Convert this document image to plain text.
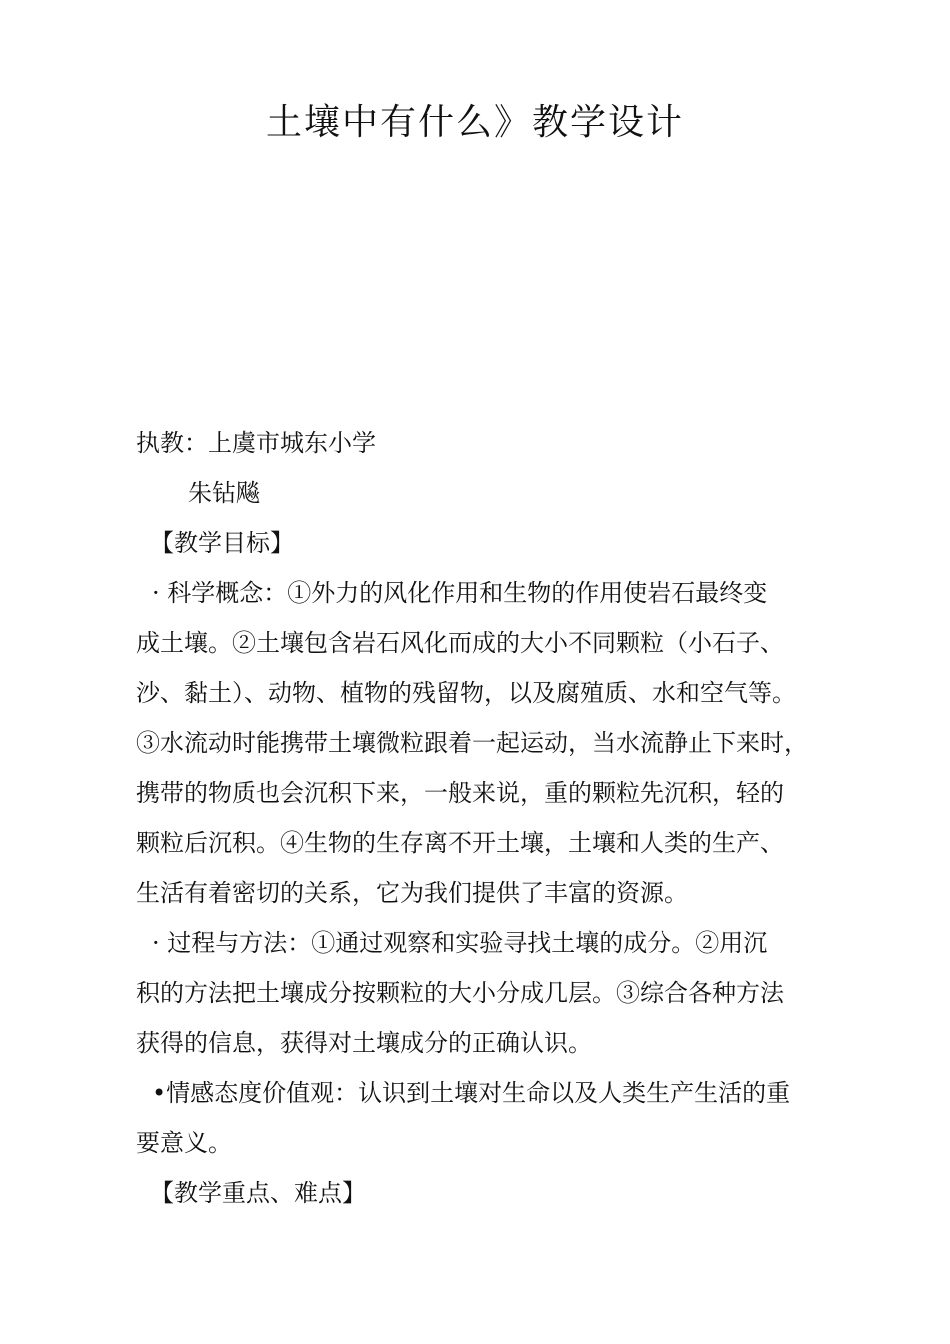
土壤中有什么》教学设计
执教：上虞市城东小学
朱钻飚
【教学目标】
· 科学概念：①外力的风化作用和生物的作用使岩石最终变
成土壤。②土壤包含岩石风化而成的大小不同颗粒（小石子、
沙、黏土）、动物、植物的残留物，以及腐殖质、水和空气等。
③水流动时能携带土壤微粒跟着一起运动，当水流静止下来时，
携带的物质也会沉积下来，一般来说，重的颗粒先沉积，轻的
颗粒后沉积。④生物的生存离不开土壤，土壤和人类的生产、
生活有着密切的关系，它为我们提供了丰富的资源。
· 过程与方法：①通过观察和实验寻找土壤的成分。②用沉
积的方法把土壤成分按颗粒的大小分成几层。③综合各种方法
获得的信息，获得对土壤成分的正确认识。
•情感态度价值观：认识到土壤对生命以及人类生产生活的重
要意义。
【教学重点、难点】
